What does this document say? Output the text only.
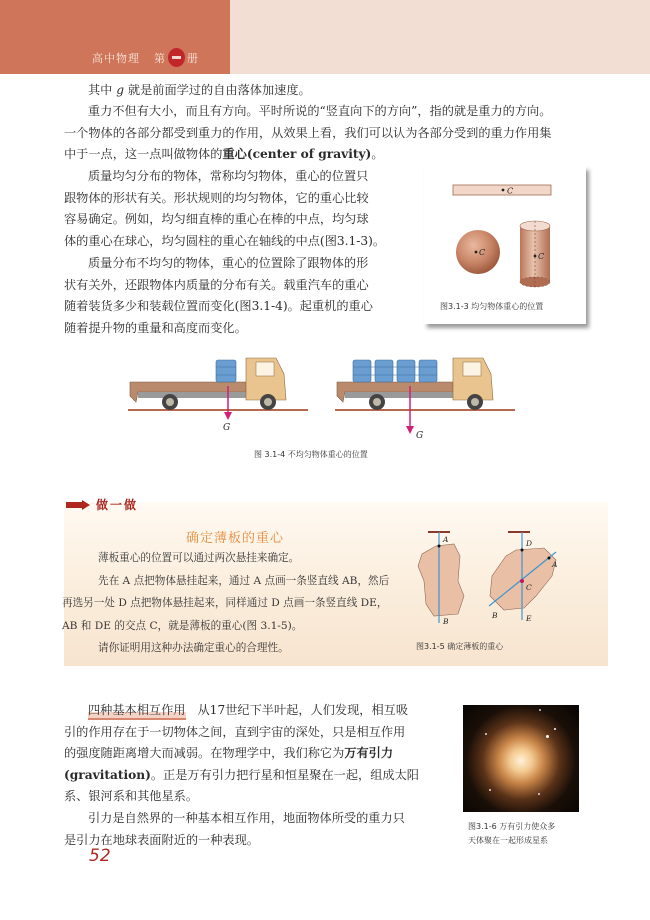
高中物理 第 册
其中 g 就是前面学过的自由落体加速度。
重力不但有大小，而且有方向。平时所说的“竖直向下的方向”，指的就是重力的方向。
一个物体的各部分都受到重力的作用，从效果上看，我们可以认为各部分受到的重力作用集
中于一点，这一点叫做物体的重心(center of gravity)。
质量均匀分布的物体，常称均匀物体，重心的位置只
跟物体的形状有关。形状规则的均匀物体，它的重心比较
容易确定。例如，均匀细直棒的重心在棒的中点，均匀球
体的重心在球心，均匀圆柱的重心在轴线的中点(图3.1-3)。
质量分布不均匀的物体，重心的位置除了跟物体的形
状有关外，还跟物体内质量的分布有关。载重汽车的重心
随着装货多少和装载位置而变化(图3.1-4)。起重机的重心
随着提升物的重量和高度而变化。
C
C	C
图3.1-3 均匀物体重心的位置
G
G
图 3.1-4 不均匀物体重心的位置
做一做
确定薄板的重心
薄板重心的位置可以通过两次悬挂来确定。
先在 A 点把物体悬挂起来，通过 A 点画一条竖直线 AB，然后
再选另一处 D 点把物体悬挂起来，同样通过 D 点画一条竖直线 DE，
AB 和 DE 的交点 C，就是薄板的重心(图 3.1-5)。
请你证明用这种办法确定重心的合理性。
A
B
D
A
C
B	E
图3.1-5 确定薄板的重心
四种基本相互作用 从17世纪下半叶起，人们发现，相互吸
引的作用存在于一切物体之间，直到宇宙的深处，只是相互作用
的强度随距离增大而减弱。在物理学中，我们称它为万有引力
(gravitation)。正是万有引力把行星和恒星聚在一起，组成太阳
系、银河系和其他星系。
引力是自然界的一种基本相互作用，地面物体所受的重力只
是引力在地球表面附近的一种表现。
图3.1-6 万有引力使众多
天体聚在一起形成星系
52
